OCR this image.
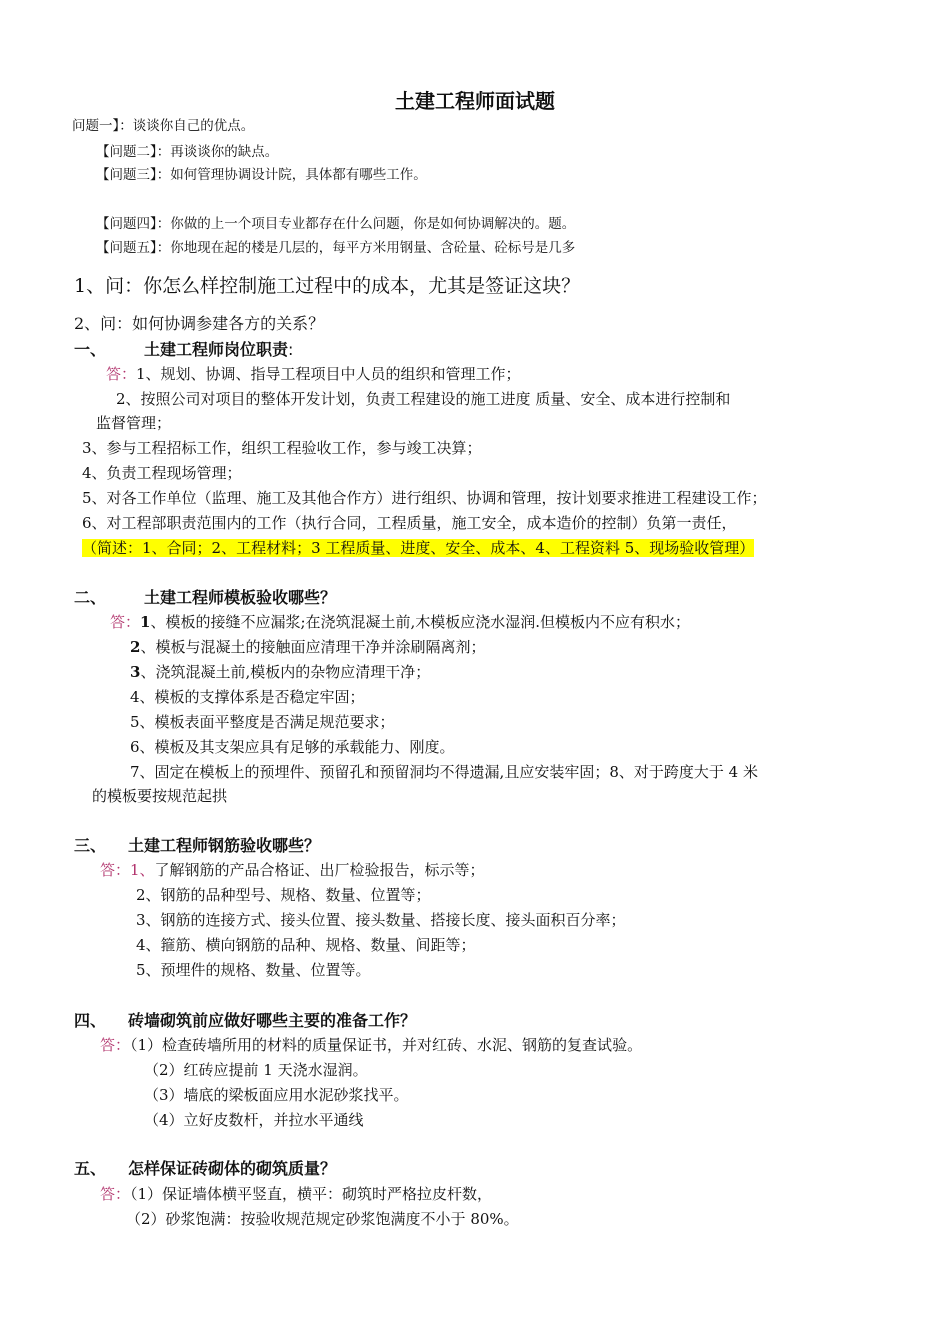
土建工程师面试题
问题一】：谈谈你自己的优点。
【问题二】：再谈谈你的缺点。
【问题三】：如何管理协调设计院，具体都有哪些工作。
【问题四】：你做的上一个项目专业都存在什么问题，你是如何协调解决的。题。
【问题五】：你地现在起的楼是几层的，每平方米用钢量、含砼量、砼标号是几多
1、问：你怎么样控制施工过程中的成本，尤其是签证这块？
2、问：如何协调参建各方的关系？
一、 土建工程师岗位职责:
答：1、规划、协调、指导工程项目中人员的组织和管理工作；
2、按照公司对项目的整体开发计划，负责工程建设的施工进度 质量、安全、成本进行控制和
监督管理；
3、参与工程招标工作，组织工程验收工作，参与竣工决算；
4、负责工程现场管理；
5、对各工作单位（监理、施工及其他合作方）进行组织、协调和管理，按计划要求推进工程建设工作；
6、对工程部职责范围内的工作（执行合同，工程质量，施工安全，成本造价的控制）负第一责任，
（简述：1、合同；2、工程材料；3 工程质量、进度、安全、成本、4、工程资料 5、现场验收管理）
二、 土建工程师模板验收哪些？
答：1、模板的接缝不应漏浆;在浇筑混凝土前,木模板应浇水湿润.但模板内不应有积水；
2、模板与混凝土的接触面应清理干净并涂刷隔离剂；
3、浇筑混凝土前,模板内的杂物应清理干净；
4、模板的支撑体系是否稳定牢固；
5、模板表面平整度是否满足规范要求；
6、模板及其支架应具有足够的承载能力、刚度。
7、固定在模板上的预埋件、预留孔和预留洞均不得遗漏,且应安装牢固；8、对于跨度大于 4 米
的模板要按规范起拱
三、 土建工程师钢筋验收哪些？
答：1、了解钢筋的产品合格证、出厂检验报告，标示等；
2、钢筋的品种型号、规格、数量、位置等；
3、钢筋的连接方式、接头位置、接头数量、搭接长度、接头面积百分率；
4、箍筋、横向钢筋的品种、规格、数量、间距等；
5、预埋件的规格、数量、位置等。
四、 砖墙砌筑前应做好哪些主要的准备工作？
答：（1）检查砖墙所用的材料的质量保证书，并对红砖、水泥、钢筋的复查试验。
（2）红砖应提前 1 天浇水湿润。
（3）墙底的梁板面应用水泥砂浆找平。
（4）立好皮数杆，并拉水平通线
五、 怎样保证砖砌体的砌筑质量？
答：（1）保证墙体横平竖直，横平：砌筑时严格拉皮杆数，
（2）砂浆饱满：按验收规范规定砂浆饱满度不小于 80%。
